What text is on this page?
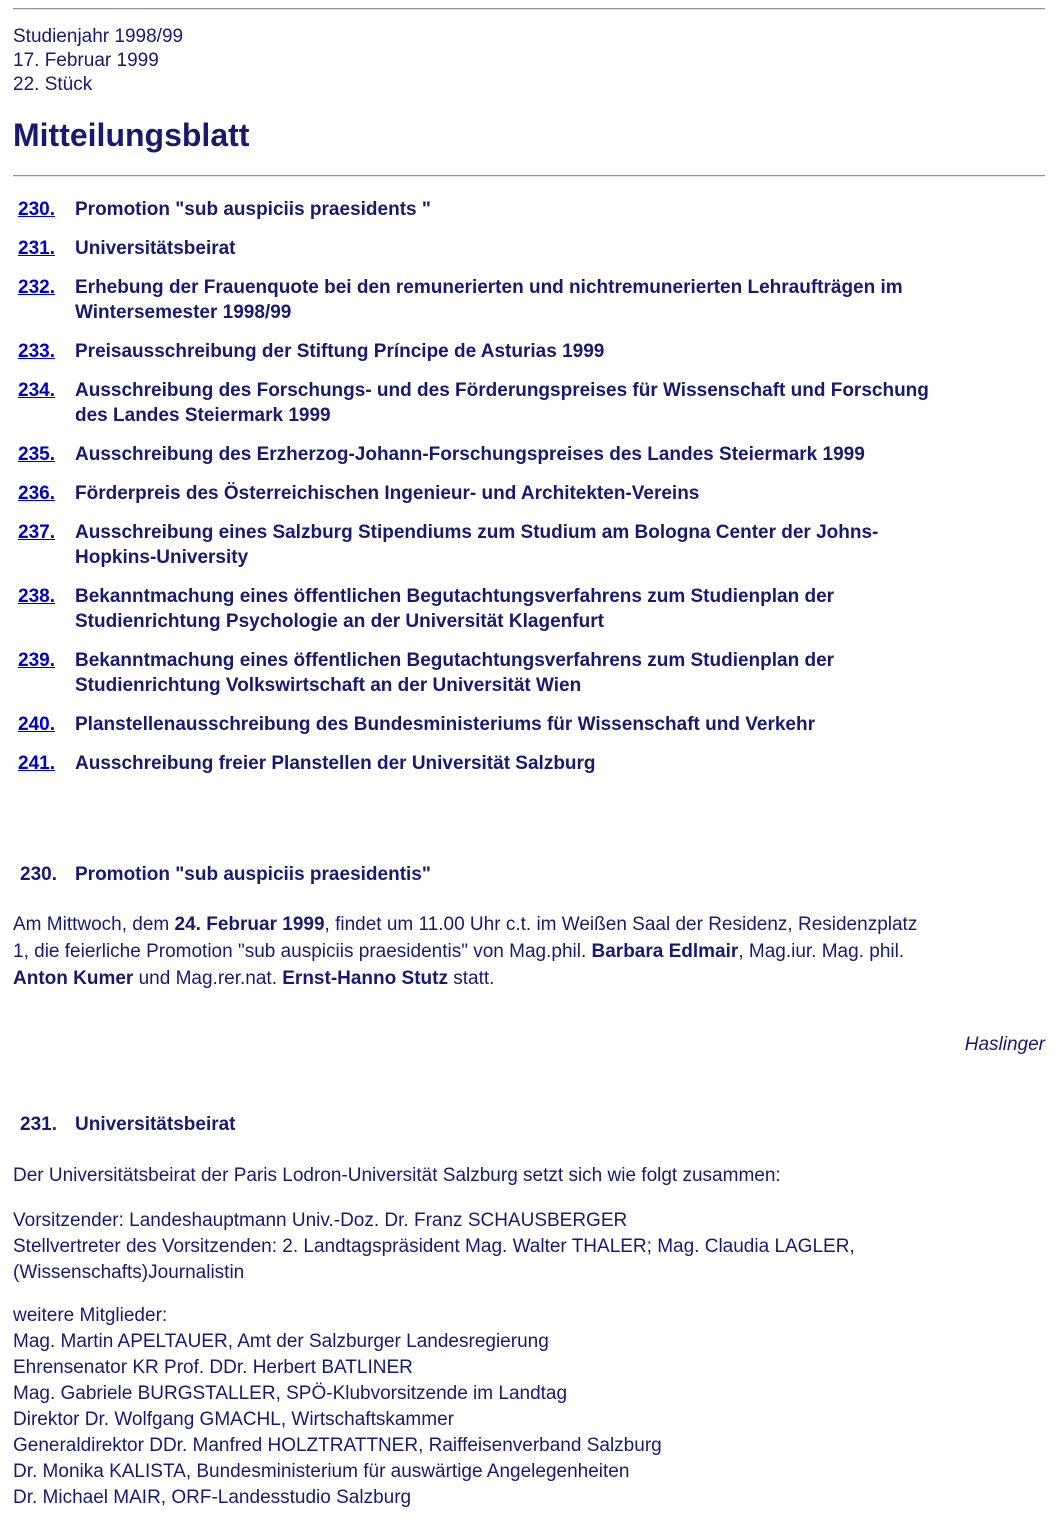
Studienjahr 1998/99
17. Februar 1999
22. Stück
Mitteilungsblatt
230.	Promotion "sub auspiciis praesidents "
231.	Universitätsbeirat
232.	Erhebung der Frauenquote bei den remunerierten und nichtremunerierten Lehraufträgen im
Wintersemester 1998/99
233.	Preisausschreibung der Stiftung Príncipe de Asturias 1999
234.	Ausschreibung des Forschungs- und des Förderungspreises für Wissenschaft und Forschung
des Landes Steiermark 1999
235.	Ausschreibung des Erzherzog-Johann-Forschungspreises des Landes Steiermark 1999
236.	Förderpreis des Österreichischen Ingenieur- und Architekten-Vereins
237.	Ausschreibung eines Salzburg Stipendiums zum Studium am Bologna Center der Johns-
Hopkins-University
238.	Bekanntmachung eines öffentlichen Begutachtungsverfahrens zum Studienplan der
Studienrichtung Psychologie an der Universität Klagenfurt
239.	Bekanntmachung eines öffentlichen Begutachtungsverfahrens zum Studienplan der
Studienrichtung Volkswirtschaft an der Universität Wien
240.	Planstellenausschreibung des Bundesministeriums für Wissenschaft und Verkehr
241.	Ausschreibung freier Planstellen der Universität Salzburg
230. Promotion "sub auspiciis praesidentis"

Am Mittwoch, dem 24. Februar 1999, findet um 11.00 Uhr c.t. im Weißen Saal der Residenz, Residenzplatz
1, die feierliche Promotion "sub auspiciis praesidentis" von Mag.phil. Barbara Edlmair, Mag.iur. Mag. phil.
Anton Kumer und Mag.rer.nat. Ernst-Hanno Stutz statt.

Haslinger
231. Universitätsbeirat

Der Universitätsbeirat der Paris Lodron-Universität Salzburg setzt sich wie folgt zusammen:

Vorsitzender: Landeshauptmann Univ.-Doz. Dr. Franz SCHAUSBERGER
Stellvertreter des Vorsitzenden: 2. Landtagspräsident Mag. Walter THALER; Mag. Claudia LAGLER,
(Wissenschafts)Journalistin
weitere Mitglieder:
Mag. Martin APELTAUER, Amt der Salzburger Landesregierung
Ehrensenator KR Prof. DDr. Herbert BATLINER
Mag. Gabriele BURGSTALLER, SPÖ-Klubvorsitzende im Landtag
Direktor Dr. Wolfgang GMACHL, Wirtschaftskammer
Generaldirektor DDr. Manfred HOLZTRATTNER, Raiffeisenverband Salzburg
Dr. Monika KALISTA, Bundesministerium für auswärtige Angelegenheiten
Dr. Michael MAIR, ORF-Landesstudio Salzburg
